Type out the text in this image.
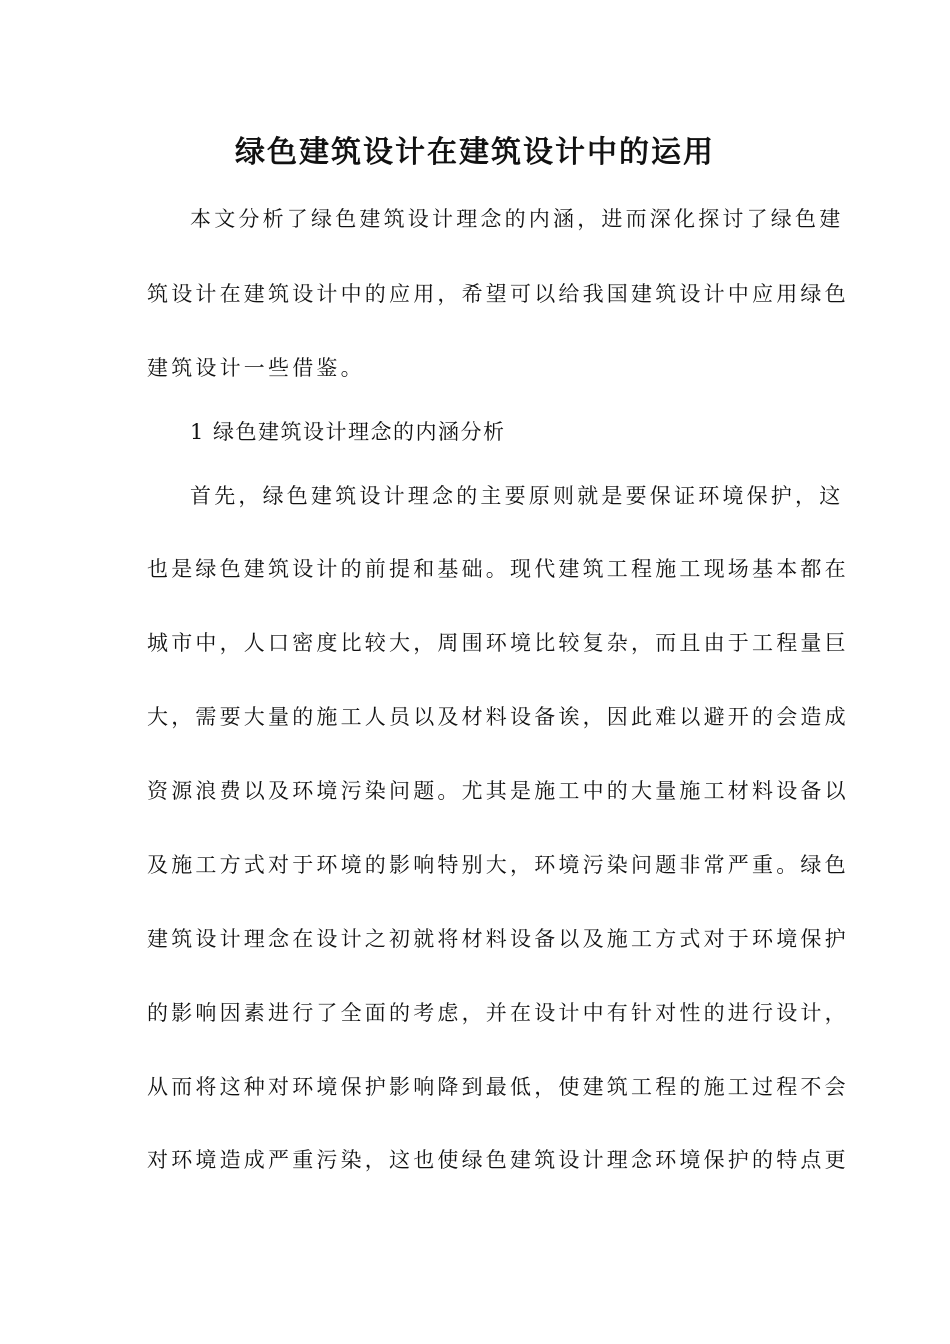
绿色建筑设计在建筑设计中的运用
本文分析了绿色建筑设计理念的内涵，进而深化探讨了绿色建
筑设计在建筑设计中的应用，希望可以给我国建筑设计中应用绿色
建筑设计一些借鉴。
1 绿色建筑设计理念的内涵分析
首先，绿色建筑设计理念的主要原则就是要保证环境保护，这
也是绿色建筑设计的前提和基础。现代建筑工程施工现场基本都在
城市中，人口密度比较大，周围环境比较复杂，而且由于工程量巨
大，需要大量的施工人员以及材料设备诶，因此难以避开的会造成
资源浪费以及环境污染问题。尤其是施工中的大量施工材料设备以
及施工方式对于环境的影响特别大，环境污染问题非常严重。绿色
建筑设计理念在设计之初就将材料设备以及施工方式对于环境保护
的影响因素进行了全面的考虑，并在设计中有针对性的进行设计，
从而将这种对环境保护影响降到最低，使建筑工程的施工过程不会
对环境造成严重污染，这也使绿色建筑设计理念环境保护的特点更
